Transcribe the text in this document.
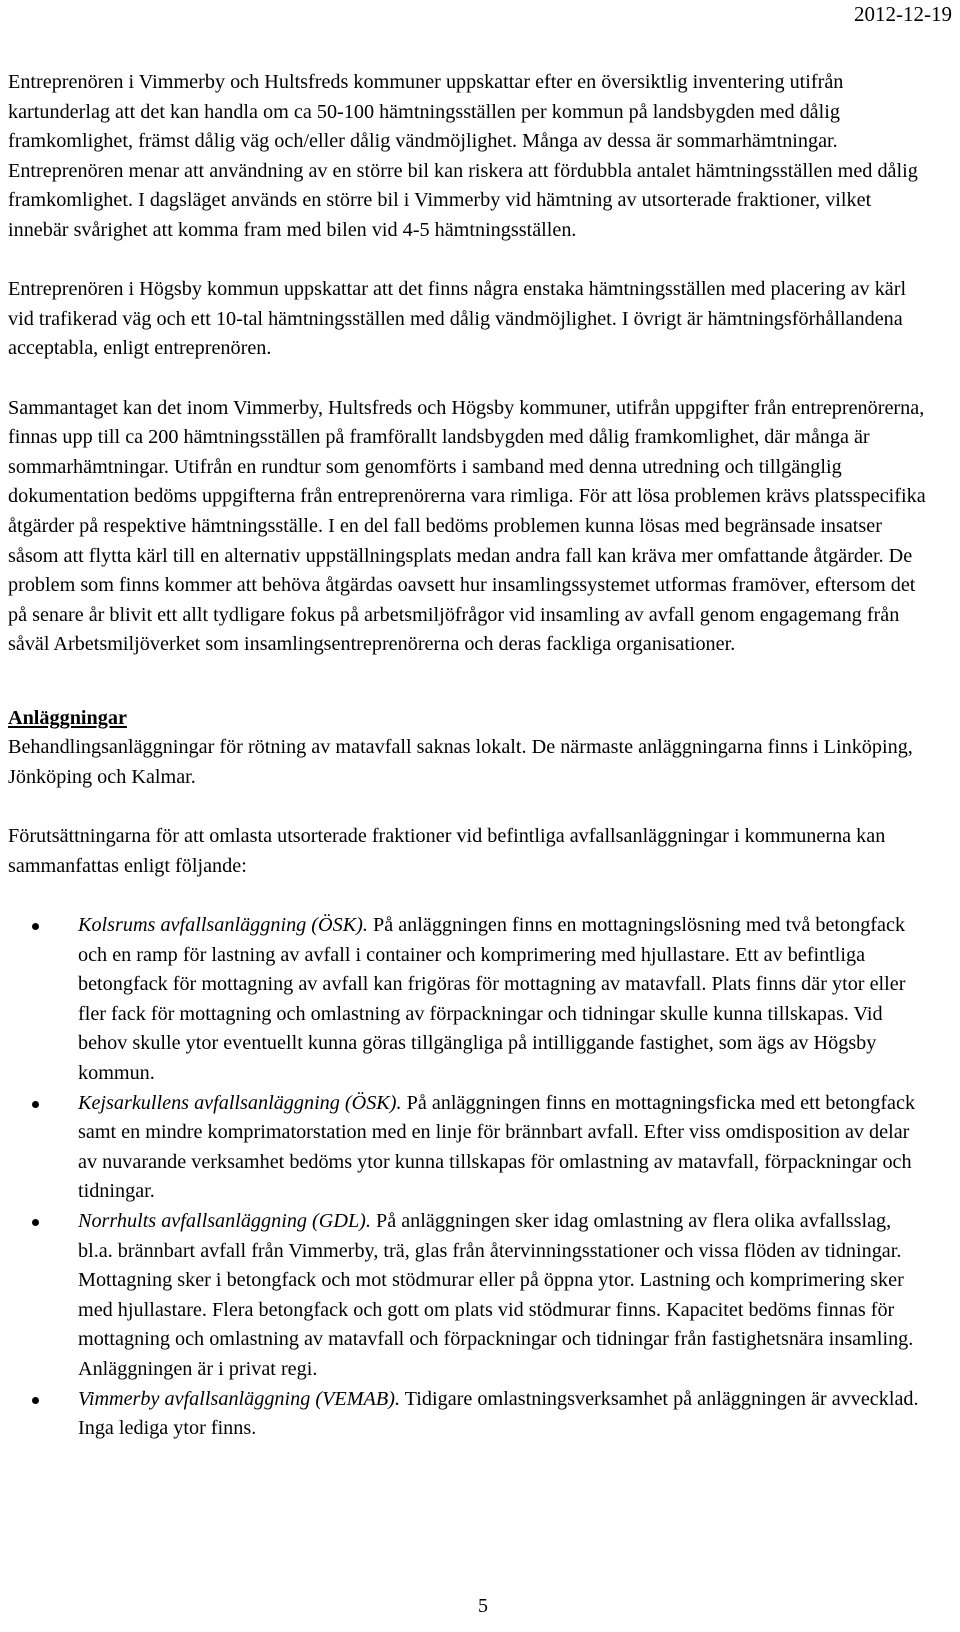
2012-12-19

Entreprenören i Vimmerby och Hultsfreds kommuner uppskattar efter en översiktlig inventering utifrån kartunderlag att det kan handla om ca 50-100 hämtningsställen per kommun på landsbygden med dålig framkomlighet, främst dålig väg och/eller dålig vändmöjlighet. Många av dessa är sommarhämtningar. Entreprenören menar att användning av en större bil kan riskera att fördubbla antalet hämtningsställen med dålig framkomlighet. I dagsläget används en större bil i Vimmerby vid hämtning av utsorterade fraktioner, vilket innebär svårighet att komma fram med bilen vid 4-5 hämtningsställen.

Entreprenören i Högsby kommun uppskattar att det finns några enstaka hämtningsställen med placering av kärl vid trafikerad väg och ett 10-tal hämtningsställen med dålig vändmöjlighet. I övrigt är hämtningsförhållandena acceptabla, enligt entreprenören.

Sammantaget kan det inom Vimmerby, Hultsfreds och Högsby kommuner, utifrån uppgifter från entreprenörerna, finnas upp till ca 200 hämtningsställen på framförallt landsbygden med dålig framkomlighet, där många är sommarhämtningar. Utifrån en rundtur som genomförts i samband med denna utredning och tillgänglig dokumentation bedöms uppgifterna från entreprenörerna vara rimliga. För att lösa problemen krävs platsspecifika åtgärder på respektive hämtningsställe. I en del fall bedöms problemen kunna lösas med begränsade insatser såsom att flytta kärl till en alternativ uppställningsplats medan andra fall kan kräva mer omfattande åtgärder. De problem som finns kommer att behöva åtgärdas oavsett hur insamlingssystemet utformas framöver, eftersom det på senare år blivit ett allt tydligare fokus på arbetsmiljöfrågor vid insamling av avfall genom engagemang från såväl Arbetsmiljöverket som insamlingsentreprenörerna och deras fackliga organisationer.

Anläggningar

Behandlingsanläggningar för rötning av matavfall saknas lokalt. De närmaste anläggningarna finns i Linköping, Jönköping och Kalmar.

Förutsättningarna för att omlasta utsorterade fraktioner vid befintliga avfallsanläggningar i kommunerna kan sammanfattas enligt följande:

Kolsrums avfallsanläggning (ÖSK). På anläggningen finns en mottagningslösning med två betongfack och en ramp för lastning av avfall i container och komprimering med hjullastare. Ett av befintliga betongfack för mottagning av avfall kan frigöras för mottagning av matavfall. Plats finns där ytor eller fler fack för mottagning och omlastning av förpackningar och tidningar skulle kunna tillskapas. Vid behov skulle ytor eventuellt kunna göras tillgängliga på intilliggande fastighet, som ägs av Högsby kommun.
Kejsarkullens avfallsanläggning (ÖSK). På anläggningen finns en mottagningsficka med ett betongfack samt en mindre komprimatorstation med en linje för brännbart avfall. Efter viss omdisposition av delar av nuvarande verksamhet bedöms ytor kunna tillskapas för omlastning av matavfall, förpackningar och tidningar.
Norrhults avfallsanläggning (GDL). På anläggningen sker idag omlastning av flera olika avfallsslag, bl.a. brännbart avfall från Vimmerby, trä, glas från återvinningsstationer och vissa flöden av tidningar. Mottagning sker i betongfack och mot stödmurar eller på öppna ytor. Lastning och komprimering sker med hjullastare. Flera betongfack och gott om plats vid stödmurar finns. Kapacitet bedöms finnas för mottagning och omlastning av matavfall och förpackningar och tidningar från fastighetsnära insamling. Anläggningen är i privat regi.
Vimmerby avfallsanläggning (VEMAB). Tidigare omlastningsverksamhet på anläggningen är avvecklad. Inga lediga ytor finns.
5
